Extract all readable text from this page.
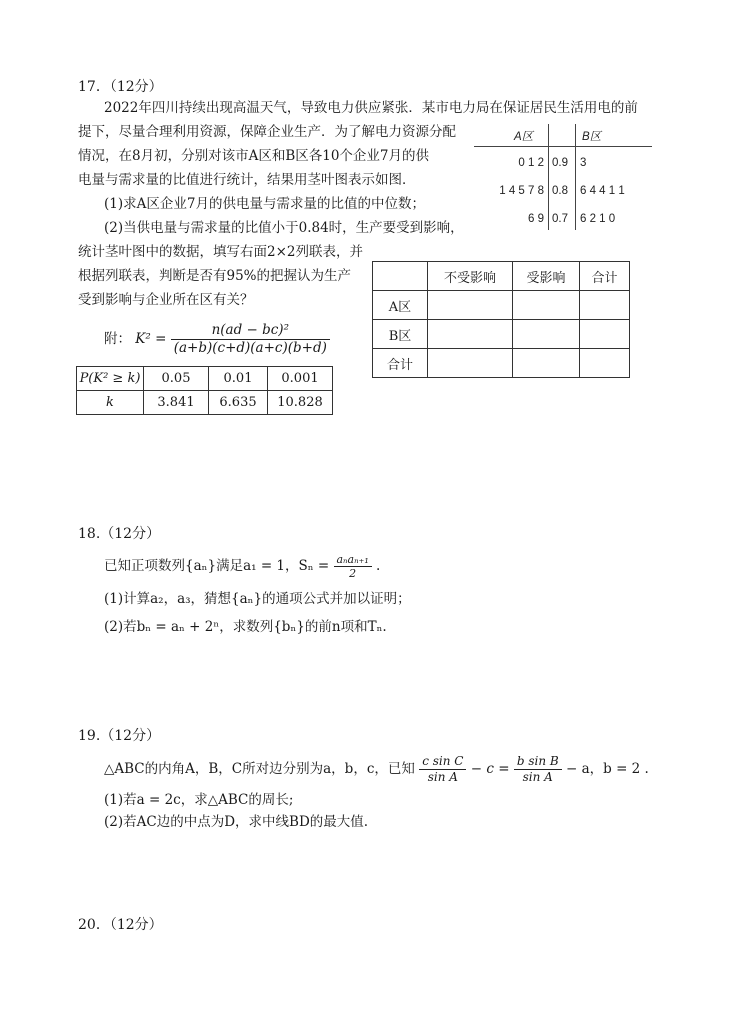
17．（12分）
2022年四川持续出现高温天气，导致电力供应紧张．某市电力局在保证居民生活用电的前
提下，尽量合理利用资源，保障企业生产．为了解电力资源分配
情况，在8月初，分别对该市A区和B区各10个企业7月的供
电量与需求量的比值进行统计，结果用茎叶图表示如图．
(1)求A区企业7月的供电量与需求量的比值的中位数；
(2)当供电量与需求量的比值小于0.84时，生产要受到影响，
统计茎叶图中的数据，填写右面2×2列联表，并
根据列联表，判断是否有95%的把握认为生产
受到影响与企业所在区有关？
附： $K^2 = \frac{\text{n(ad − bc)²}}{(a+b)(c+d)(a+c)(b+d)}$
P(K² ≥ k)	0.05	0.01	0.001
k	3.841	6.635	10.828
A区	B区
0 1 2 0.9 3
1 4 5 7 8 0.8 6 4 4 1 1
6 9 0.7 6 2 1 0
	不受影响	受影响	合计
A区			
B区			
合计			
18.（12分）
已知正项数列{aₙ}满足a₁ = 1，$S_n = \frac{\text{aₙaₙ₊₁}}{2}$ .
(1)计算a₂，a₃，猜想{aₙ}的通项公式并加以证明；
(2)若bₙ = aₙ + 2ⁿ，求数列{bₙ}的前n项和Tₙ.
19.（12分）
△ABC的内角A，B，C所对边分别为a，b，c，已知 $\frac{\text{c sin C}}{\text{sin A}} - c = \frac{\text{b sin B}}{\text{sin A}} - a$，b = 2 .
(1)若a = 2c，求△ABC的周长;
(2)若AC边的中点为D，求中线BD的最大值.
20．（12分）
